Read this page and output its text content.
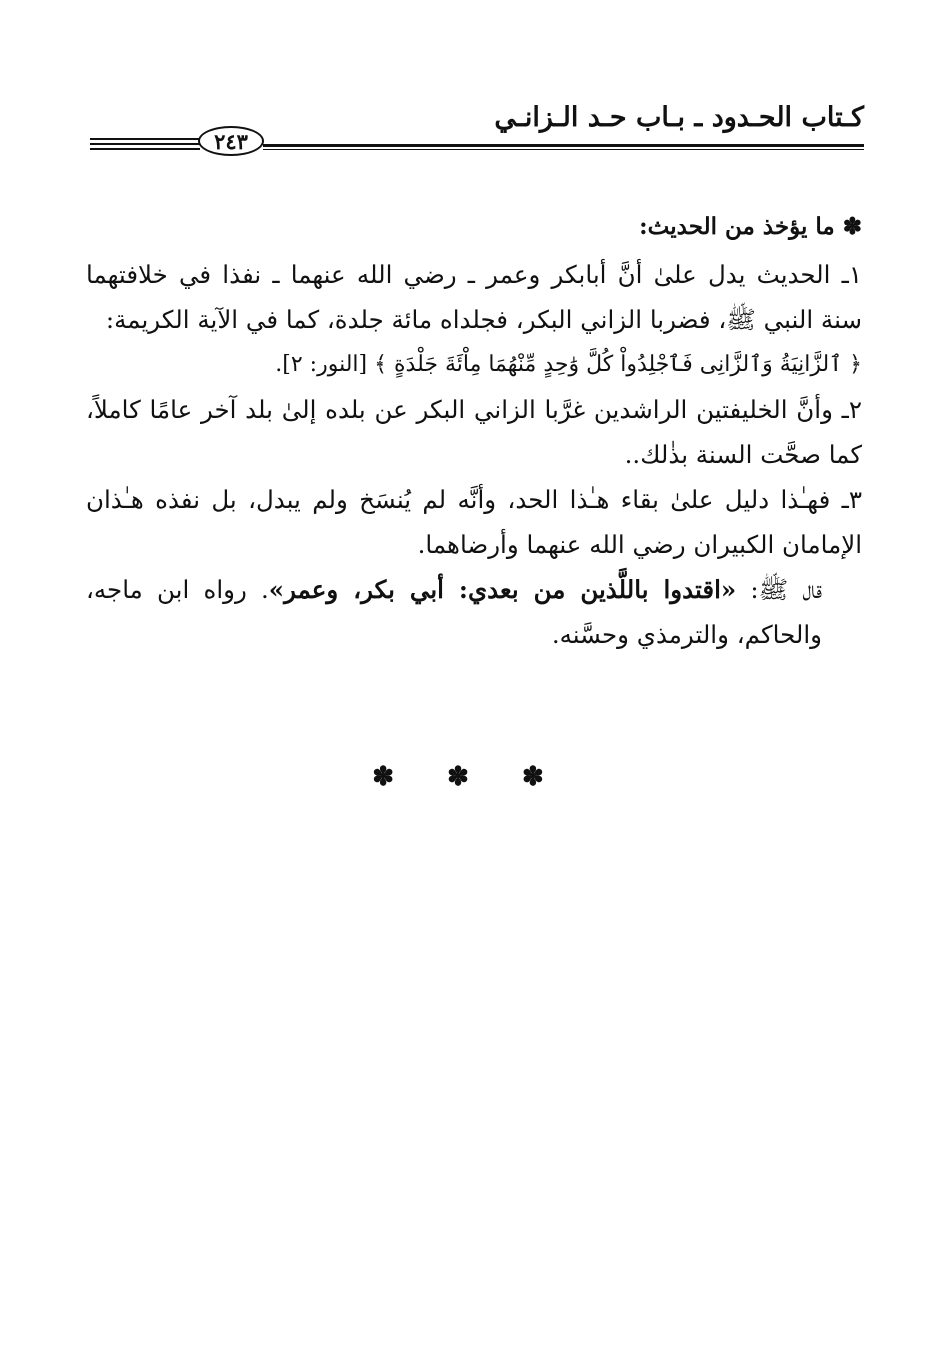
كـتاب الحـدود ـ بـاب حـد الـزانـي
٢٤٣

✽ ما يؤخذ من الحديث:

١ـ الحديث يدل علىٰ أنَّ أبابكر وعمر ـ رضي الله عنهما ـ نفذا في خلافتهما سنة النبي ﷺ، فضربا الزاني البكر، فجلداه مائة جلدة، كما في الآية الكريمة:

﴿ ٱلزَّانِيَةُ وَٱلزَّانِى فَٱجْلِدُواْ كُلَّ وَٰحِدٍ مِّنْهُمَا مِاْئَةَ جَلْدَةٍ ﴾ [النور: ٢].

٢ـ وأنَّ الخليفتين الراشدين غرَّبا الزاني البكر عن بلده إلىٰ بلد آخر عامًا كاملاً، كما صحَّت السنة بذٰلك..

٣ـ فهـٰذا دليل علىٰ بقاء هـٰذا الحد، وأنَّه لم يُنسَخ ولم يبدل، بل نفذه هـٰذان الإمامان الكبيران رضي الله عنهما وأرضاهما.

قال ﷺ: «اقتدوا باللَّذين من بعدي: أبي بكر، وعمر». رواه ابن ماجه، والحاكم، والترمذي وحسَّنه.

✽ ✽ ✽
